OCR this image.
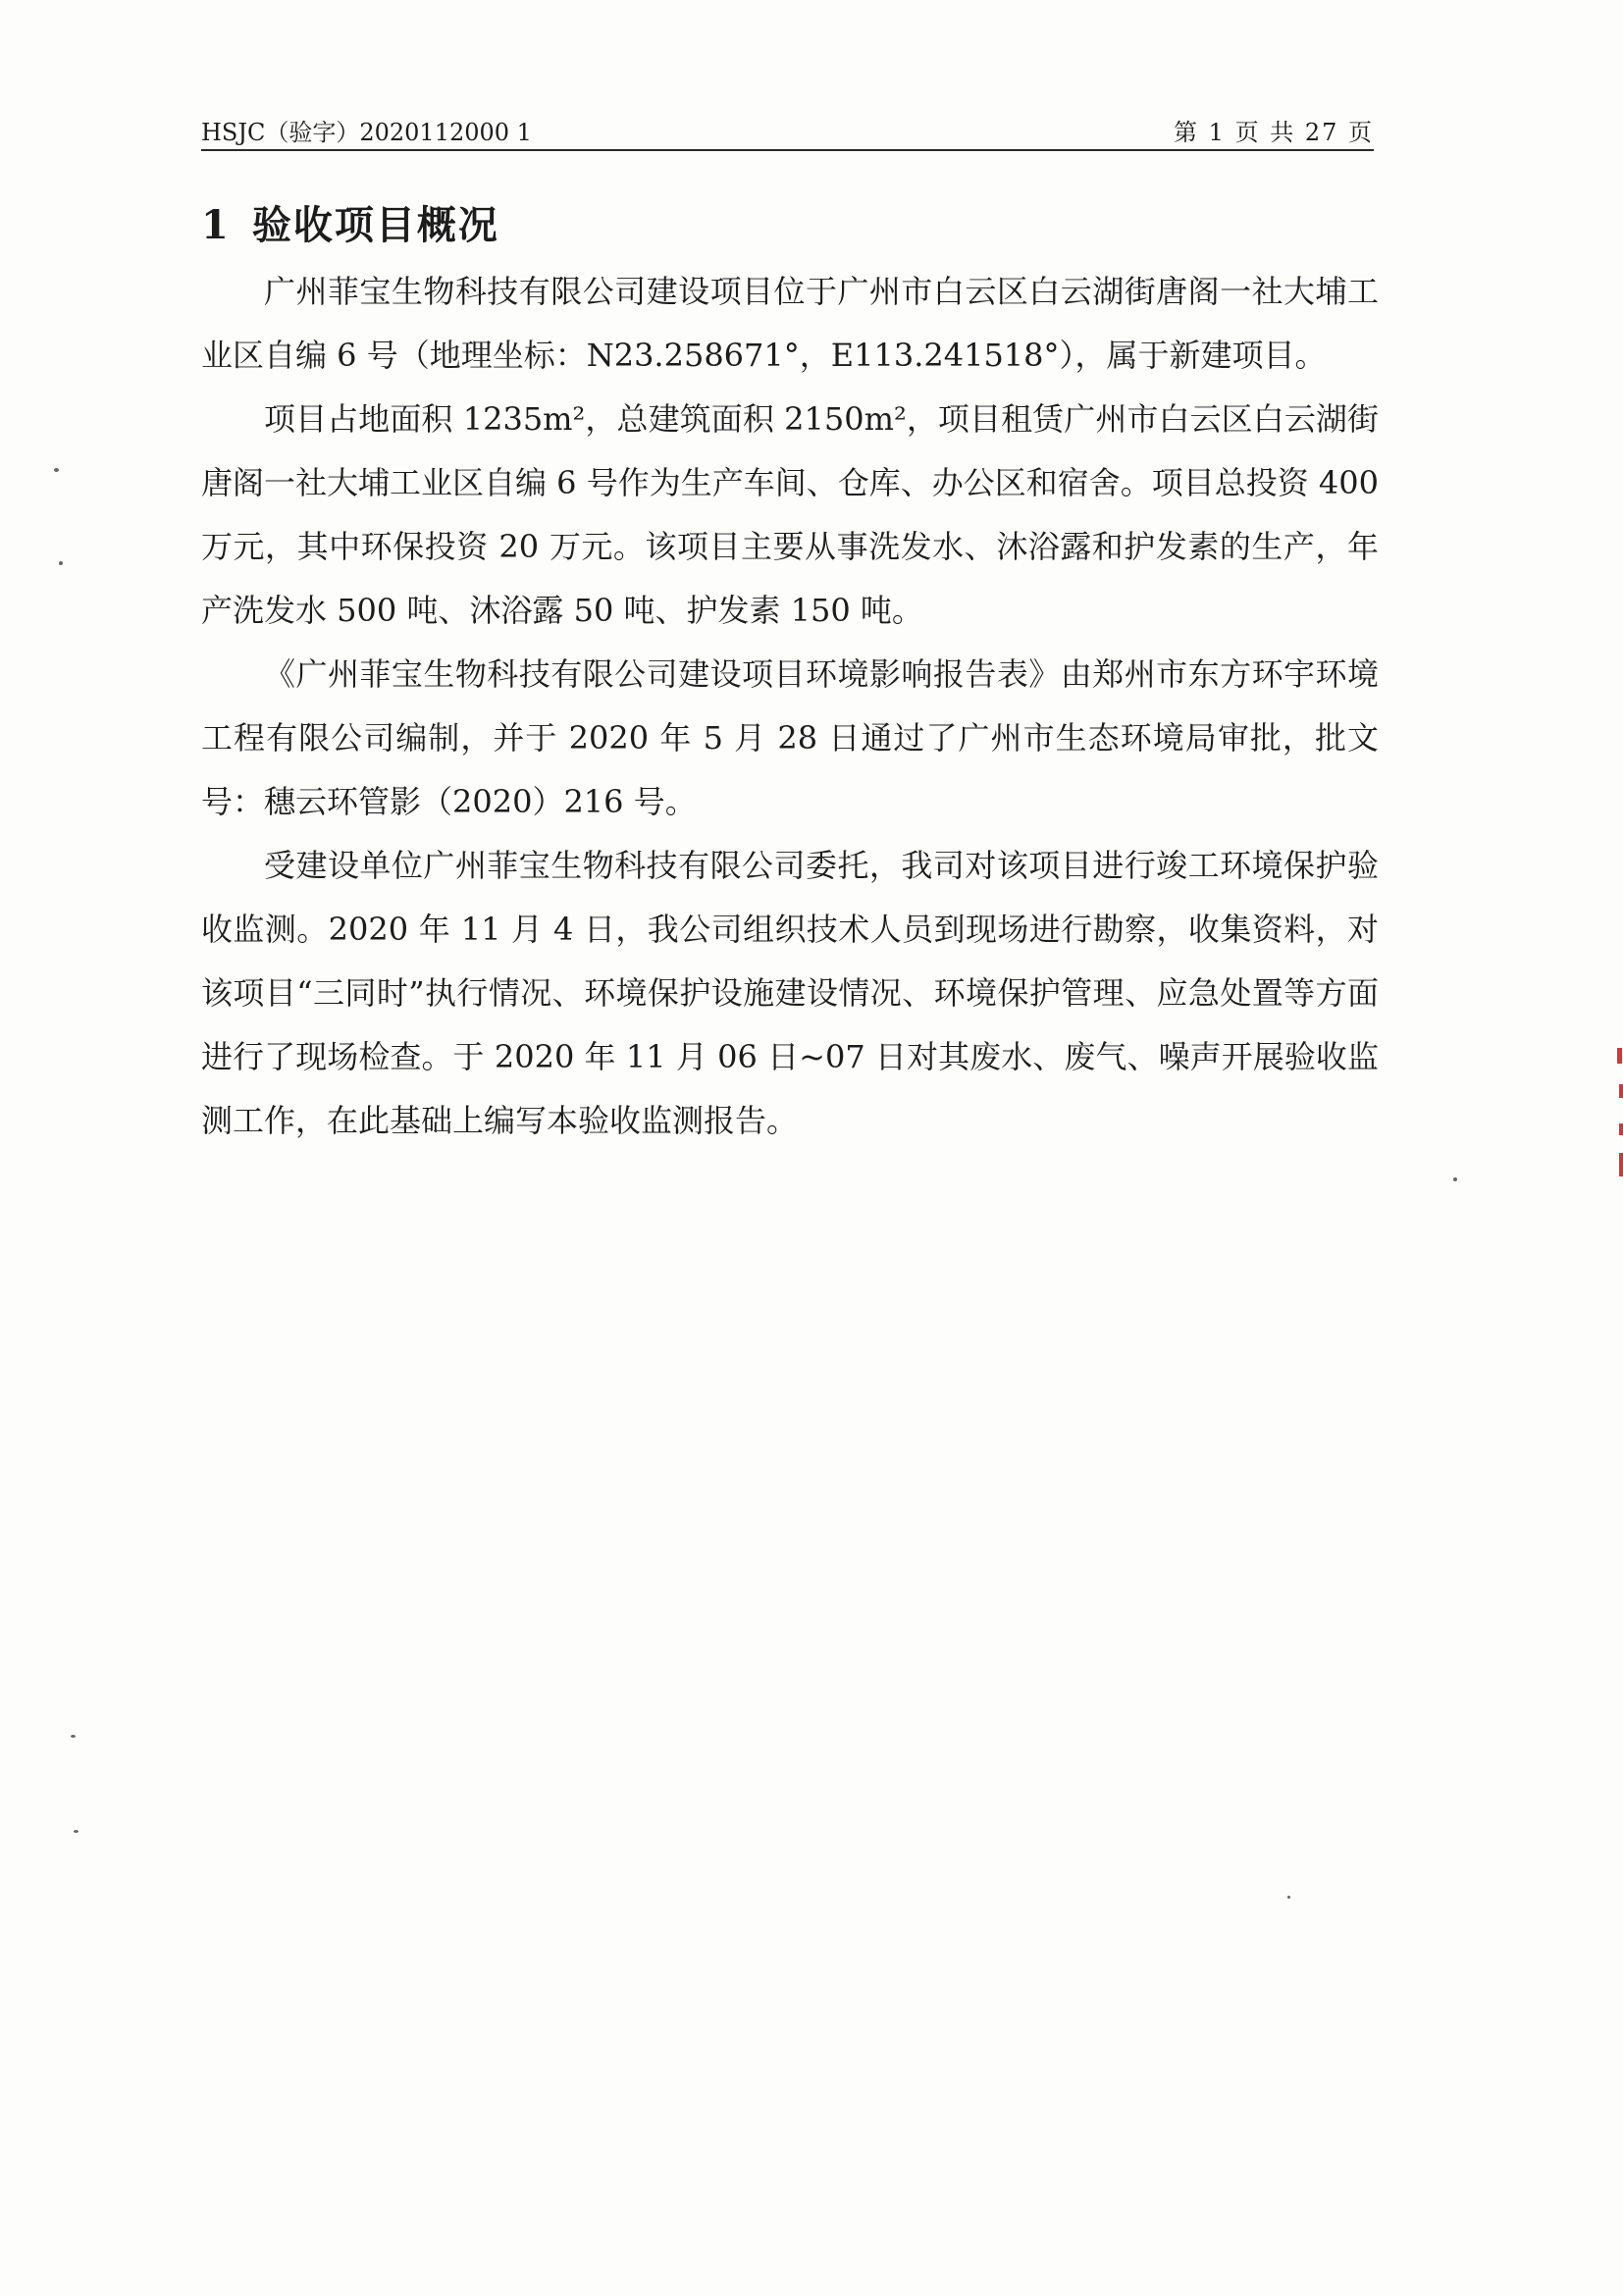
HSJC（验字）2020112000 1	第 1 页 共 27 页
1 验收项目概况

广州菲宝生物科技有限公司建设项目位于广州市白云区白云湖街唐阁一社大埔工业区自编 6 号（地理坐标：N23.258671°，E113.241518°），属于新建项目。

项目占地面积 1235m²，总建筑面积 2150m²，项目租赁广州市白云区白云湖街唐阁一社大埔工业区自编 6 号作为生产车间、仓库、办公区和宿舍。项目总投资 400 万元，其中环保投资 20 万元。该项目主要从事洗发水、沐浴露和护发素的生产，年产洗发水 500 吨、沐浴露 50 吨、护发素 150 吨。

《广州菲宝生物科技有限公司建设项目环境影响报告表》由郑州市东方环宇环境工程有限公司编制，并于 2020 年 5 月 28 日通过了广州市生态环境局审批，批文号：穗云环管影（2020）216 号。

受建设单位广州菲宝生物科技有限公司委托，我司对该项目进行竣工环境保护验收监测。2020 年 11 月 4 日，我公司组织技术人员到现场进行勘察，收集资料，对该项目“三同时”执行情况、环境保护设施建设情况、环境保护管理、应急处置等方面进行了现场检查。于 2020 年 11 月 06 日~07 日对其废水、废气、噪声开展验收监测工作，在此基础上编写本验收监测报告。
